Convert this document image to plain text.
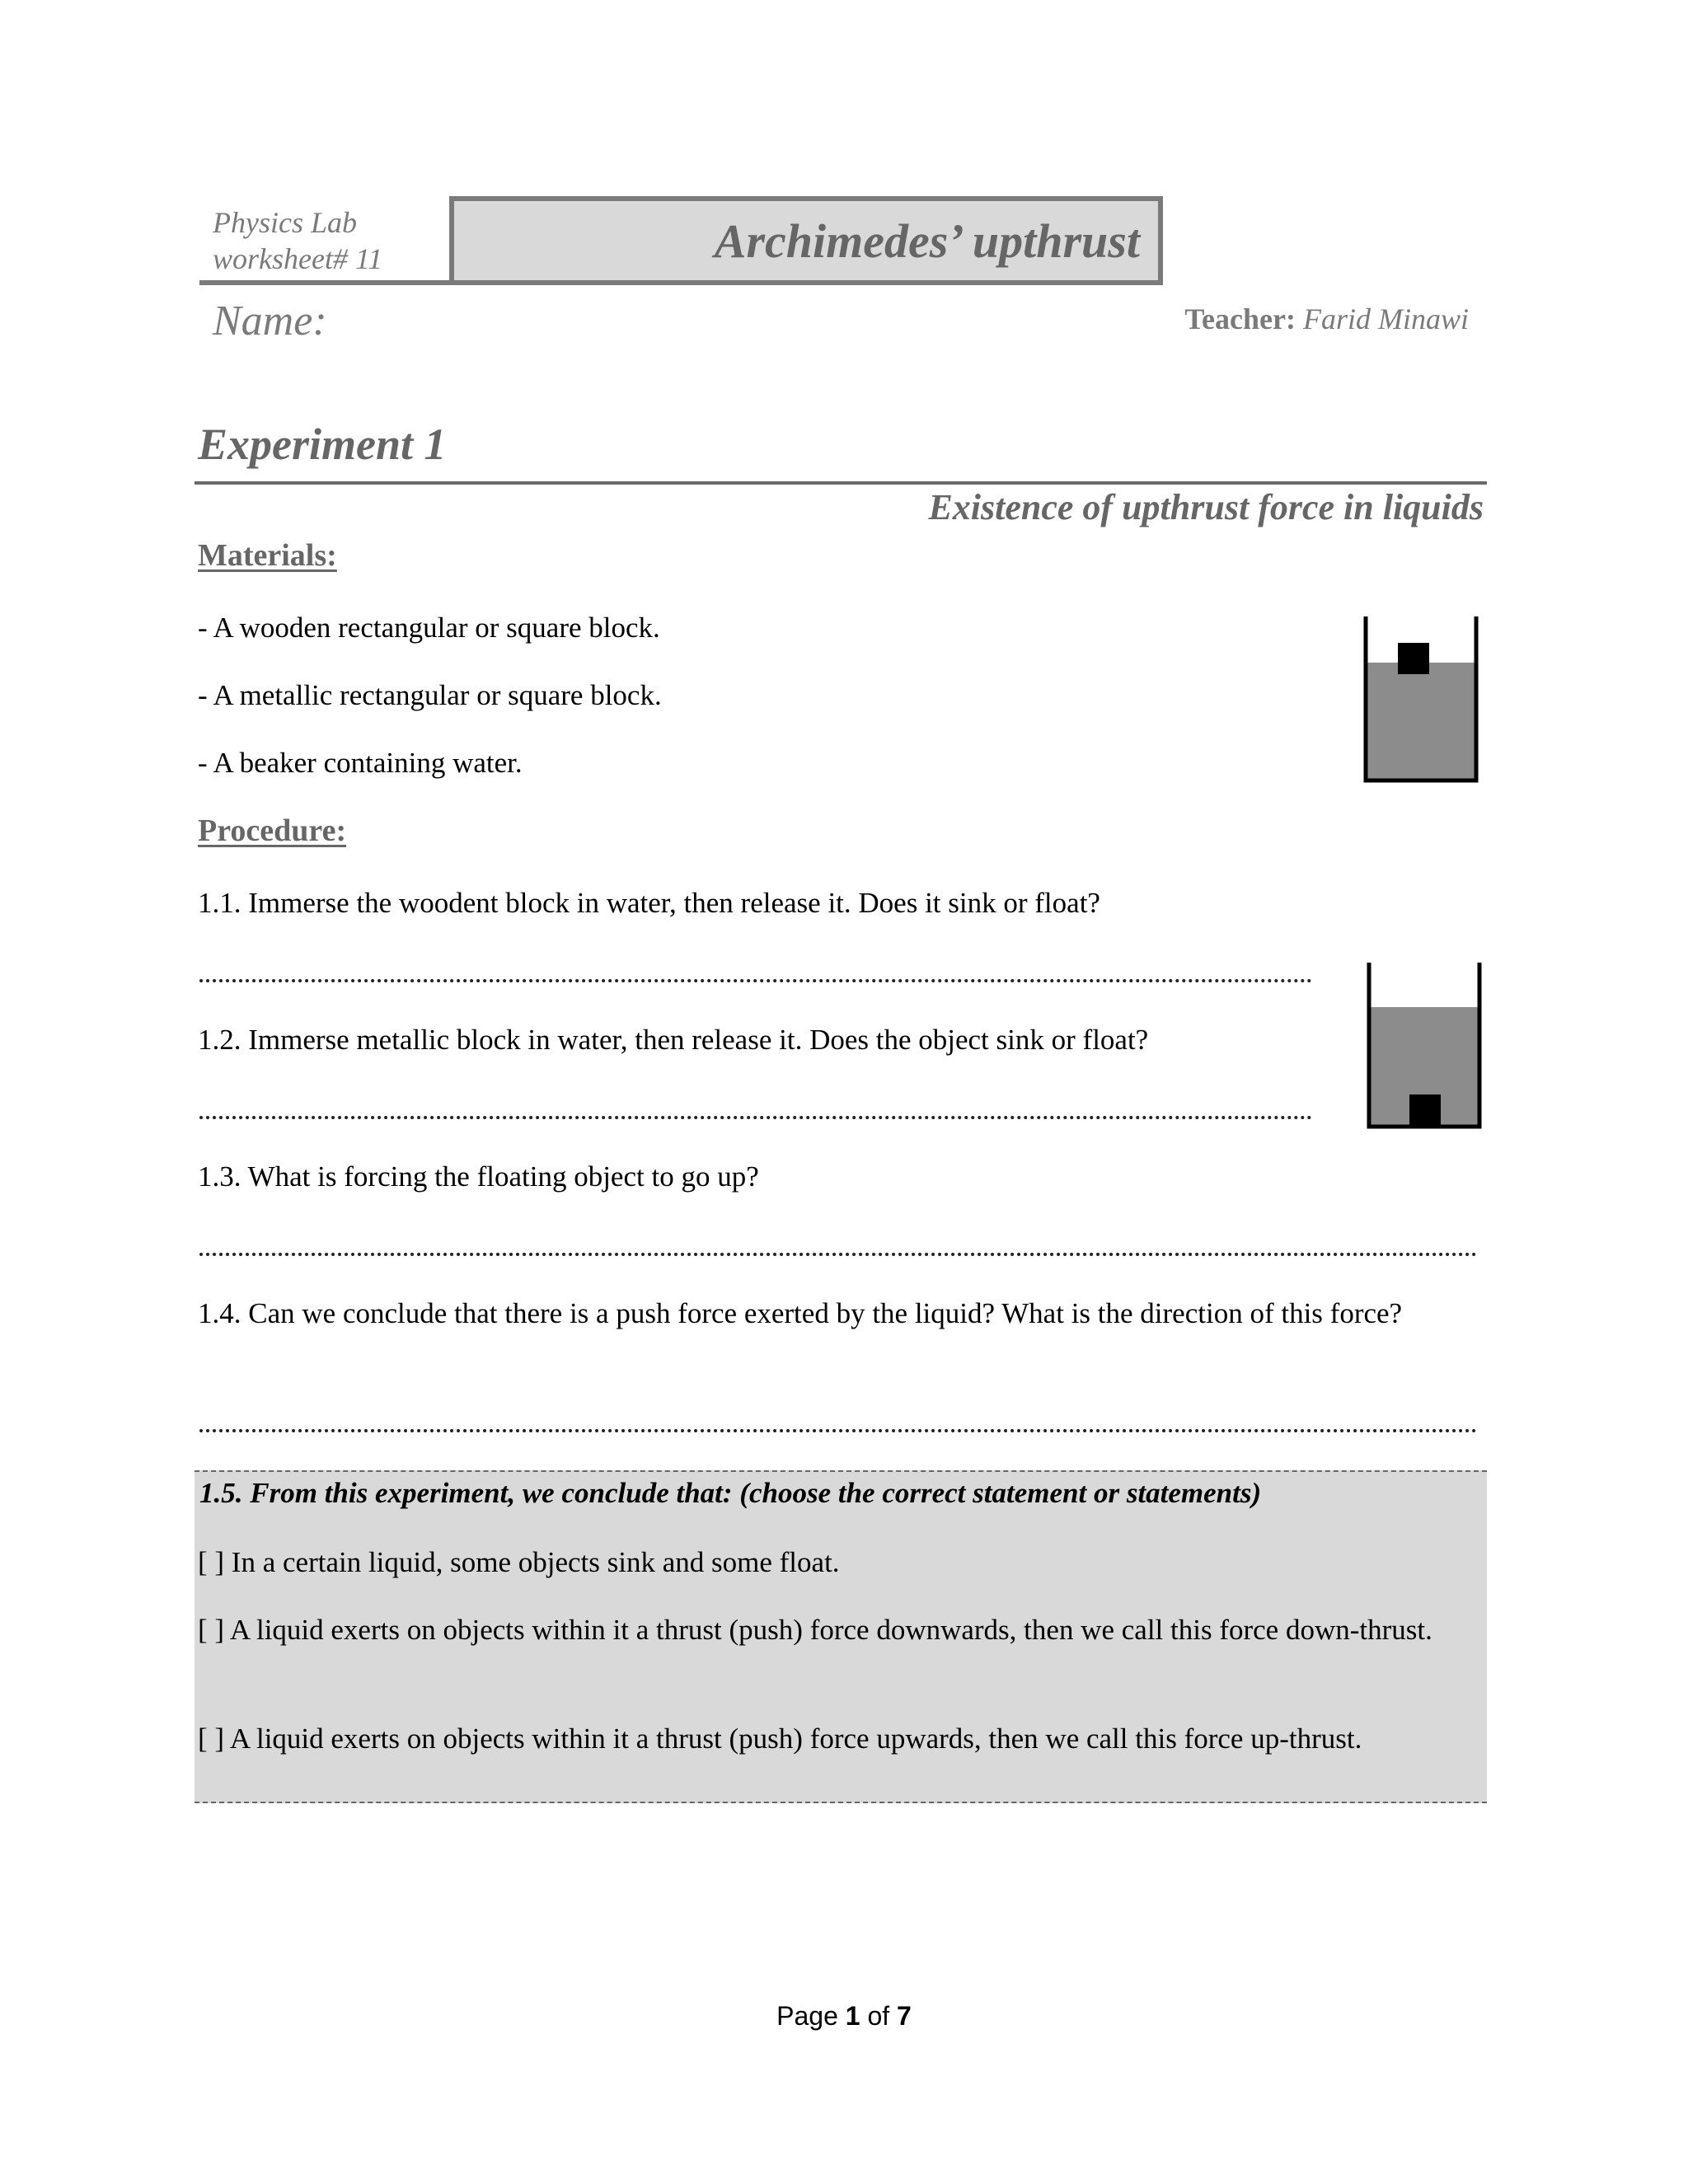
Physics Lab
worksheet# 11	Archimedes’ upthrust
Name:	Teacher: Farid Minawi
Experiment 1
Existence of upthrust force in liquids
Materials:
- A wooden rectangular or square block.
- A metallic rectangular or square block.
- A beaker containing water.
Procedure:
1.1. Immerse the woodent block in water, then release it. Does it sink or float?
1.2. Immerse metallic block in water, then release it. Does the object sink or float?
1.3. What is forcing the floating object to go up?
1.4. Can we conclude that there is a push force exerted by the liquid? What is the direction of this force?
1.5. From this experiment, we conclude that: (choose the correct statement or statements)
[ ] In a certain liquid, some objects sink and some float.
[ ] A liquid exerts on objects within it a thrust (push) force downwards, then we call this force down-thrust.
[ ] A liquid exerts on objects within it a thrust (push) force upwards, then we call this force up-thrust.
Page 1 of 7
